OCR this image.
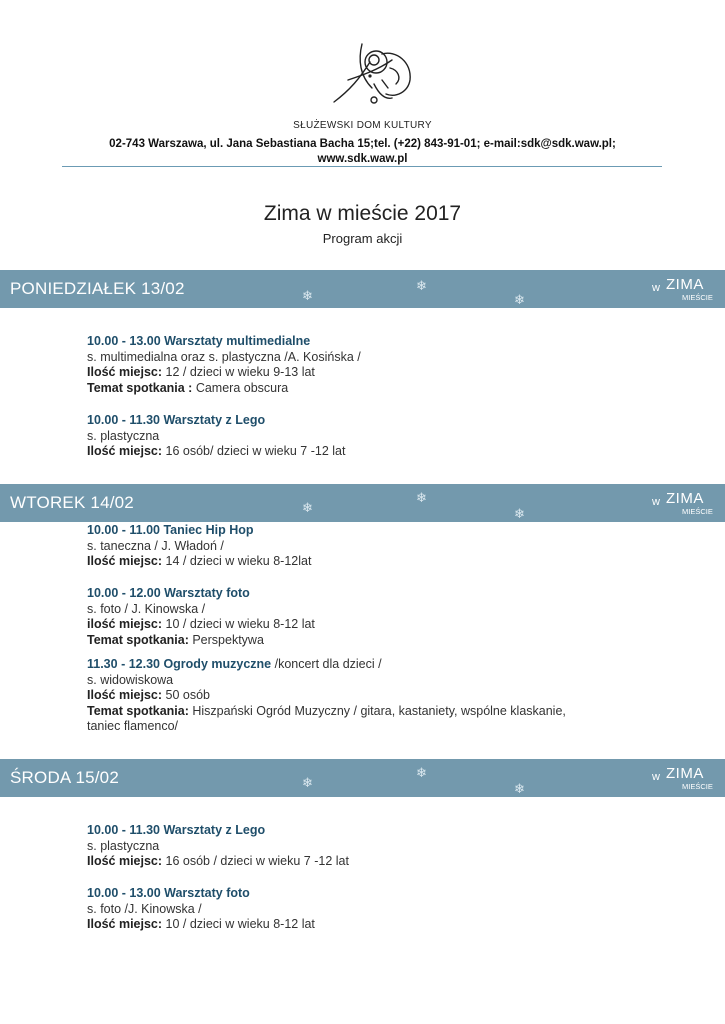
SŁUŻEWSKI DOM KULTURY
02-743 Warszawa, ul. Jana Sebastiana Bacha 15;tel. (+22) 843-91-01; e-mail:sdk@sdk.waw.pl;
www.sdk.waw.pl
Zima w mieście 2017
Program akcji
PONIEDZIAŁEK 13/02	❄
❄
❄
w ZIMA
MIEŚCIE
10.00 - 13.00 Warsztaty multimedialne
s. multimedialna oraz s. plastyczna /A. Kosińska /
Ilość miejsc: 12 / dzieci w wieku 9-13 lat
Temat spotkania : Camera obscura
10.00 - 11.30 Warsztaty z Lego
s. plastyczna
Ilość miejsc: 16 osób/ dzieci w wieku 7 -12 lat
WTOREK 14/02	❄
❄
❄
w ZIMA
MIEŚCIE
10.00 - 11.00 Taniec Hip Hop
s. taneczna / J. Władoń /
Ilość miejsc: 14 / dzieci w wieku 8-12lat
10.00 - 12.00 Warsztaty foto
s. foto / J. Kinowska /
ilość miejsc: 10 / dzieci w wieku 8-12 lat
Temat spotkania: Perspektywa
11.30 - 12.30 Ogrody muzyczne /koncert dla dzieci /
s. widowiskowa
Ilość miejsc: 50 osób
Temat spotkania: Hiszpański Ogród Muzyczny / gitara, kastaniety, wspólne klaskanie,
taniec flamenco/
ŚRODA 15/02	❄
❄
❄
w ZIMA
MIEŚCIE
10.00 - 11.30 Warsztaty z Lego
s. plastyczna
Ilość miejsc: 16 osób / dzieci w wieku 7 -12 lat
10.00 - 13.00 Warsztaty foto
s. foto /J. Kinowska /
Ilość miejsc: 10 / dzieci w wieku 8-12 lat
